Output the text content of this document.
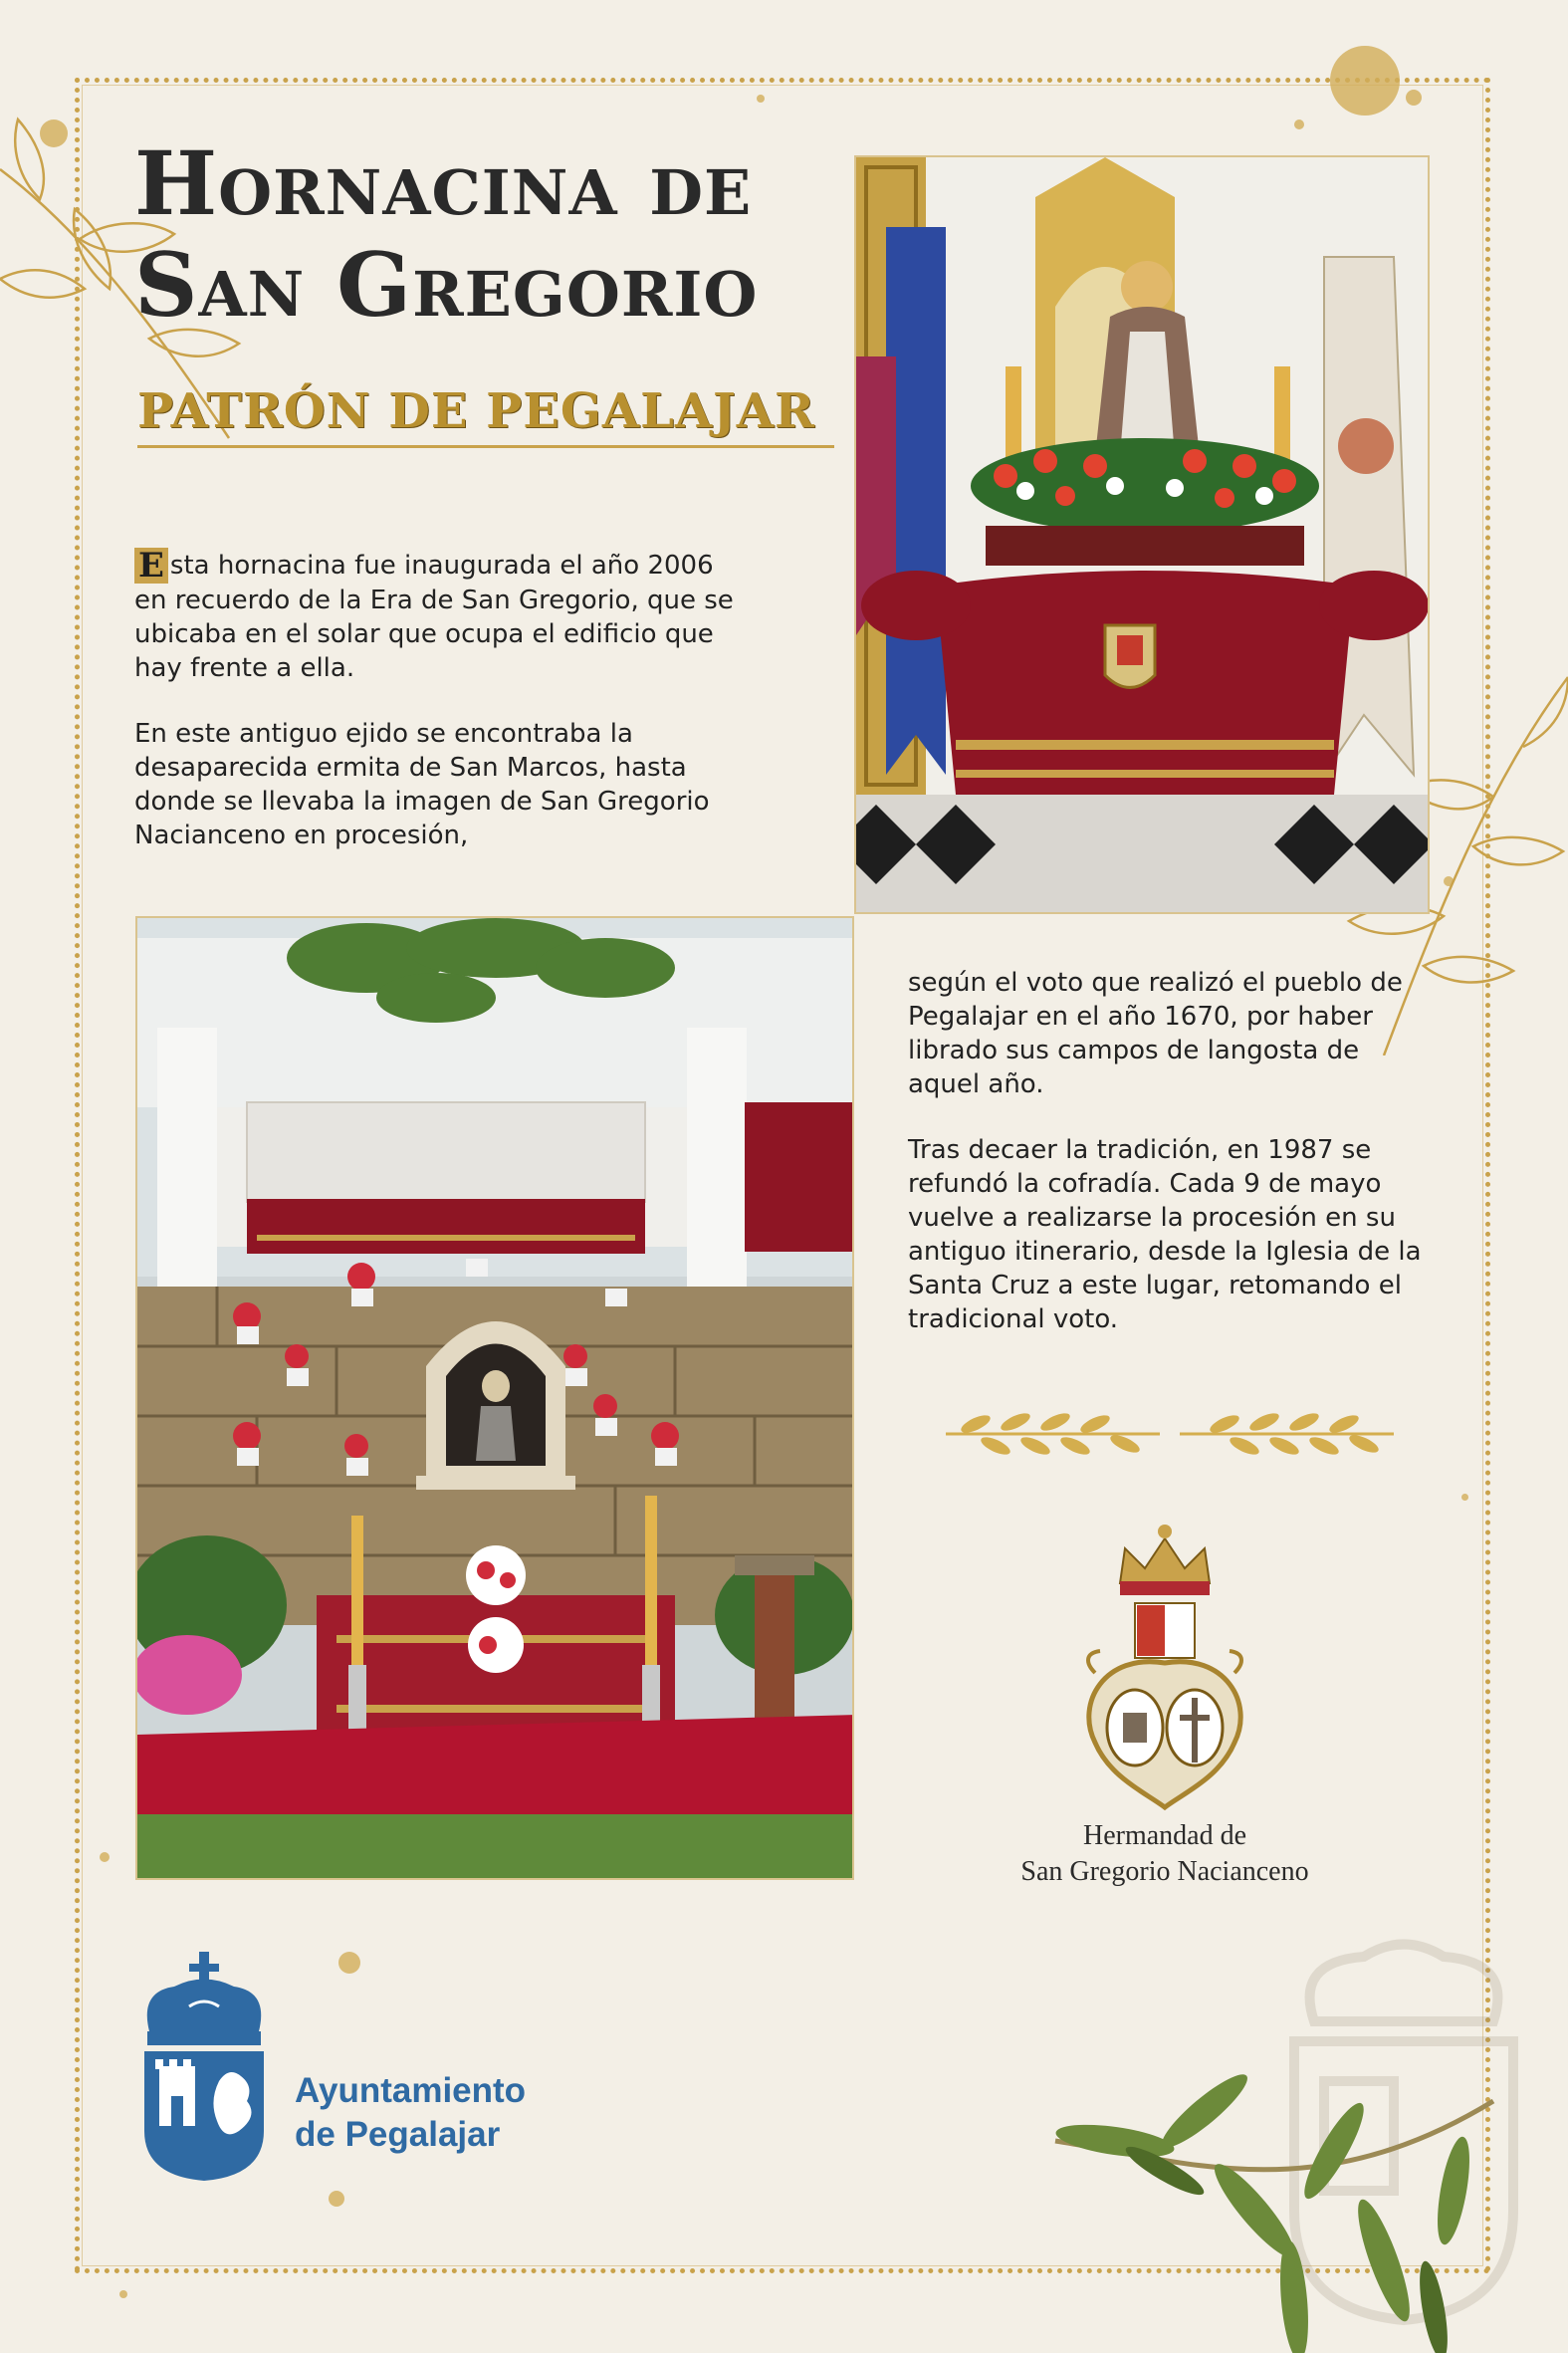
Hornacina de
San Gregorio
PATRÓN DE PEGALAJAR

E sta hornacina fue inaugurada el año 2006 en recuerdo de la Era de San Gregorio, que se ubicaba en el solar que ocupa el edificio que hay frente a ella.

En este antiguo ejido se encontraba la desaparecida ermita de San Marcos, hasta donde se llevaba la imagen de San Gregorio Nacianceno en procesión,

según el voto que realizó el pueblo de Pegalajar en el año 1670, por haber librado sus campos de langosta de aquel año.

Tras decaer la tradición, en 1987 se refundó la cofradía. Cada 9 de mayo vuelve a realizarse la procesión en su antiguo itinerario, desde la Iglesia de la Santa Cruz a este lugar, retomando el tradicional voto.

Hermandad de
San Gregorio Nacianceno
Ayuntamiento
de Pegalajar
